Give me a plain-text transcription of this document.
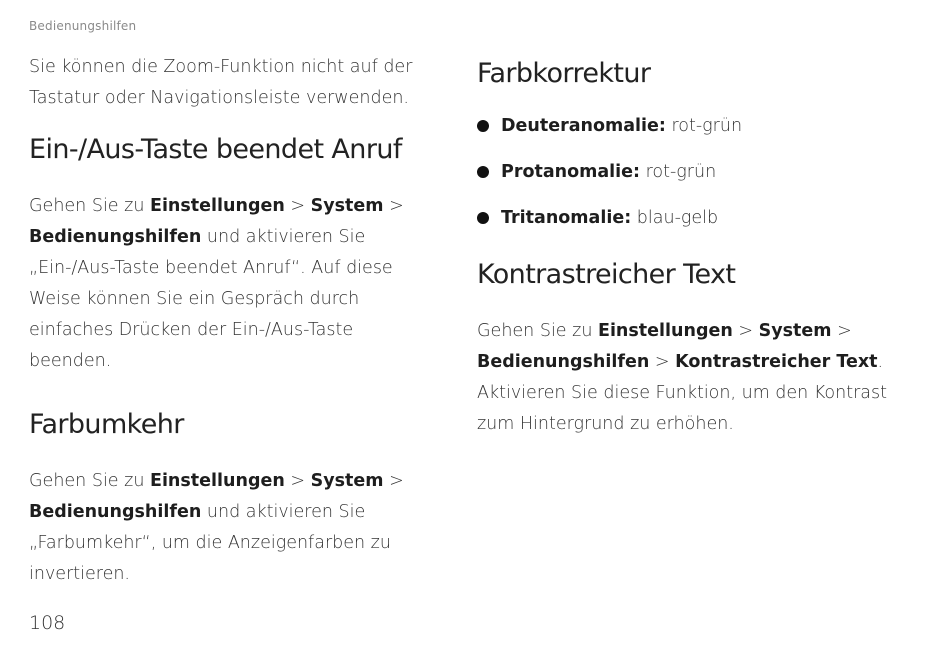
Bedienungshilfen

Sie können die Zoom-Funktion nicht auf der Tastatur oder Navigationsleiste verwenden.

Ein-/Aus-Taste beendet Anruf

Gehen Sie zu Einstellungen > System > Bedienungshilfen und aktivieren Sie „Ein-/Aus-Taste beendet Anruf“. Auf diese Weise können Sie ein Gespräch durch einfaches Drücken der Ein-/Aus-Taste beenden.

Farbumkehr

Gehen Sie zu Einstellungen > System > Bedienungshilfen und aktivieren Sie „Farbumkehr“, um die Anzeigenfarben zu invertieren.

Farbkorrektur
Deuteranomalie: rot-grün
Protanomalie: rot-grün
Tritanomalie: blau-gelb
Kontrastreicher Text

Gehen Sie zu Einstellungen > System > Bedienungshilfen > Kontrastreicher Text. Aktivieren Sie diese Funktion, um den Kontrast zum Hintergrund zu erhöhen.

108
